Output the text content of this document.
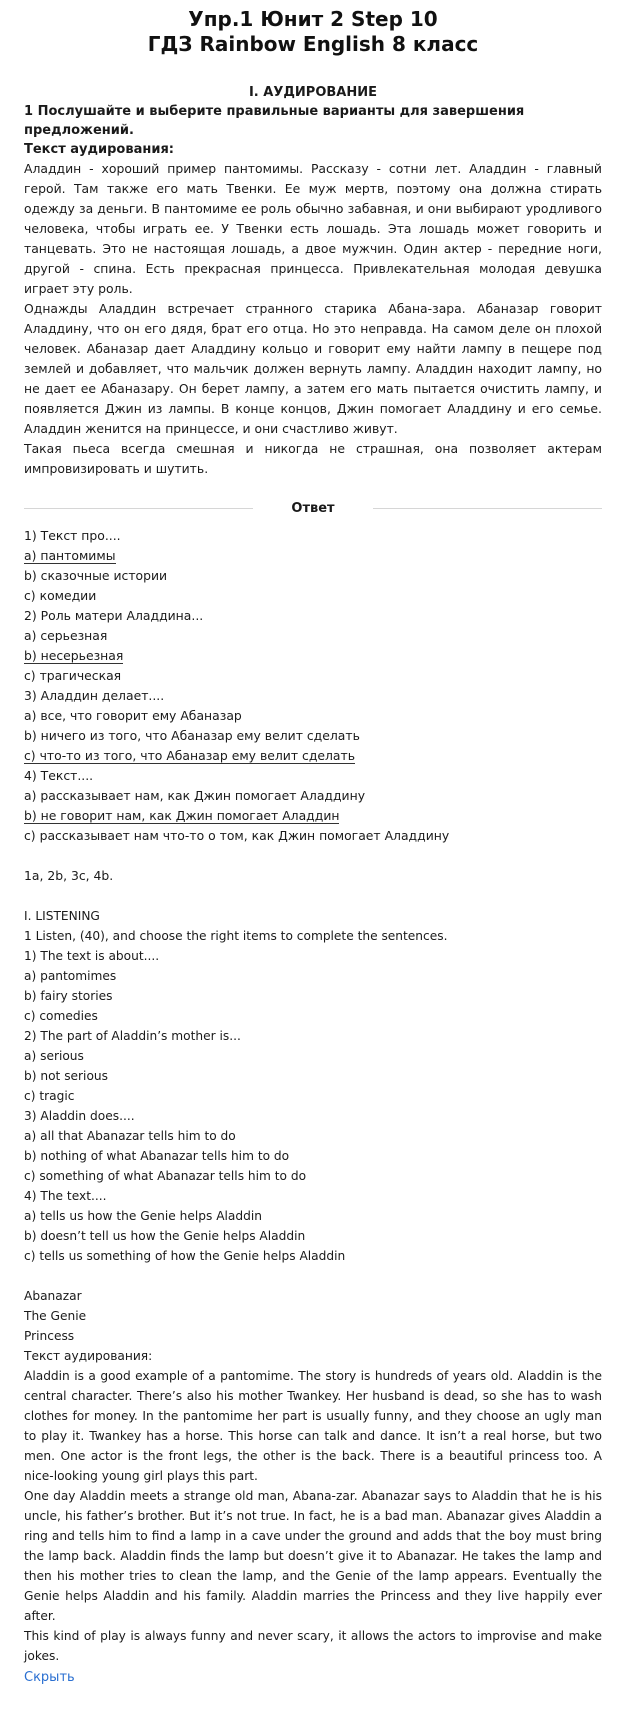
Упр.1 Юнит 2 Step 10
ГДЗ Rainbow English 8 класс
I. АУДИРОВАНИЕ
1 Послушайте и выберите правильные варианты для завершения предложений.
Текст аудирования:

Аладдин - хороший пример пантомимы. Рассказу - сотни лет. Аладдин - главный герой. Там также его мать Твенки. Ее муж мертв, поэтому она должна стирать одежду за деньги. В пантомиме ее роль обычно забавная, и они выбирают уродливого человека, чтобы играть ее. У Твенки есть лошадь. Эта лошадь может говорить и танцевать. Это не настоящая лошадь, а двое мужчин. Один актер - передние ноги, другой - спина. Есть прекрасная принцесса. Привлекательная молодая девушка играет эту роль.

Однажды Аладдин встречает странного старика Абана-зара. Абаназар говорит Аладдину, что он его дядя, брат его отца. Но это неправда. На самом деле он плохой человек. Абаназар дает Аладдину кольцо и говорит ему найти лампу в пещере под землей и добавляет, что мальчик должен вернуть лампу. Аладдин находит лампу, но не дает ее Абаназару. Он берет лампу, а затем его мать пытается очистить лампу, и появляется Джин из лампы. В конце концов, Джин помогает Аладдину и его семье. Аладдин женится на принцессе, и они счастливо живут.

Такая пьеса всегда смешная и никогда не страшная, она позволяет актерам импровизировать и шутить.

Ответ
1) Текст про....
a) пантомимы
b) сказочные истории
c) комедии
2) Роль матери Аладдина...
a) серьезная
b) несерьезная
c) трагическая
3) Аладдин делает....
a) все, что говорит ему Абаназар
b) ничего из того, что Абаназар ему велит сделать
c) что-то из того, что Абаназар ему велит сделать
4) Текст....
a) рассказывает нам, как Джин помогает Аладдину
b) не говорит нам, как Джин помогает Аладдин
c) рассказывает нам что-то о том, как Джин помогает Аладдину
1a, 2b, 3c, 4b.
I. LISTENING
1 Listen, (40), and choose the right items to complete the sentences.
1) The text is about....
a) pantomimes
b) fairy stories
c) comedies
2) The part of Aladdin’s mother is...
a) serious
b) not serious
c) tragic
3) Aladdin does....
a) all that Abanazar tells him to do
b) nothing of what Abanazar tells him to do
c) something of what Abanazar tells him to do
4) The text....
a) tells us how the Genie helps Aladdin
b) doesn’t tell us how the Genie helps Aladdin
c) tells us something of how the Genie helps Aladdin
Abanazar
The Genie
Princess
Текст аудирования:

Aladdin is a good example of a pantomime. The story is hundreds of years old. Aladdin is the central character. There’s also his mother Twankey. Her husband is dead, so she has to wash clothes for money. In the pantomime her part is usually funny, and they choose an ugly man to play it. Twankey has a horse. This horse can talk and dance. It isn’t a real horse, but two men. One actor is the front legs, the other is the back. There is a beautiful princess too. A nice-looking young girl plays this part.

One day Aladdin meets a strange old man, Abana-zar. Abanazar says to Aladdin that he is his uncle, his father’s brother. But it’s not true. In fact, he is a bad man. Abanazar gives Aladdin a ring and tells him to find a lamp in a cave under the ground and adds that the boy must bring the lamp back. Aladdin finds the lamp but doesn’t give it to Abanazar. He takes the lamp and then his mother tries to clean the lamp, and the Genie of the lamp appears. Eventually the Genie helps Aladdin and his family. Aladdin marries the Princess and they live happily ever after.

This kind of play is always funny and never scary, it allows the actors to improvise and make jokes.

Скрыть
